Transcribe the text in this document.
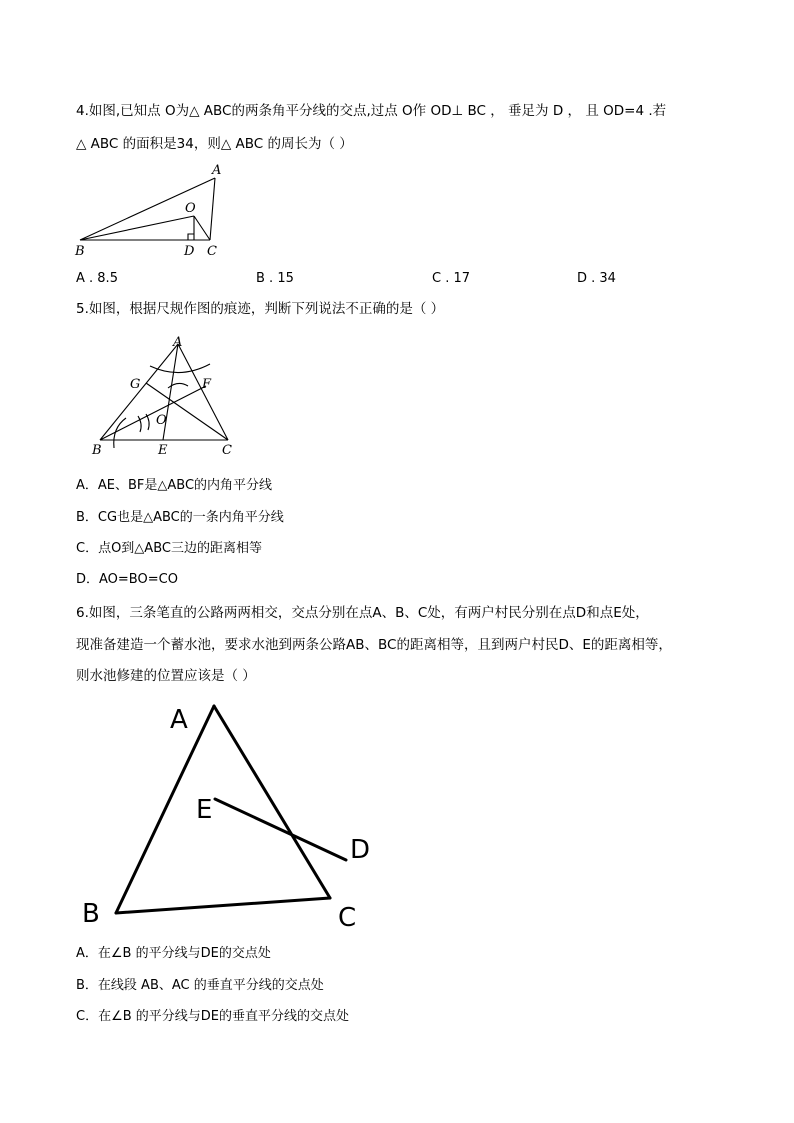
4.如图,已知点 O为△ ABC的两条角平分线的交点,过点 O作 OD⊥ BC ， 垂足为 D ， 且 OD=4 .若
△ ABC 的面积是34，则△ ABC 的周长为（ ）
A
O
B	D C
A . 8.5	B . 15	C . 17	D . 34
5.如图，根据尺规作图的痕迹，判断下列说法不正确的是（ ）
A
G	F
O
B	E	C
A．AE、BF是△ABC的内角平分线
B．CG也是△ABC的一条内角平分线
C．点O到△ABC三边的距离相等
D．AO=BO=CO
6.如图，三条笔直的公路两两相交，交点分别在点A、B、C处，有两户村民分别在点D和点E处，
现准备建造一个蓄水池，要求水池到两条公路AB、BC的距离相等，且到两户村民D、E的距离相等，
则水池修建的位置应该是（ ）
A
E
D
B	C
A．在∠B 的平分线与DE的交点处
B．在线段 AB、AC 的垂直平分线的交点处
C．在∠B 的平分线与DE的垂直平分线的交点处
